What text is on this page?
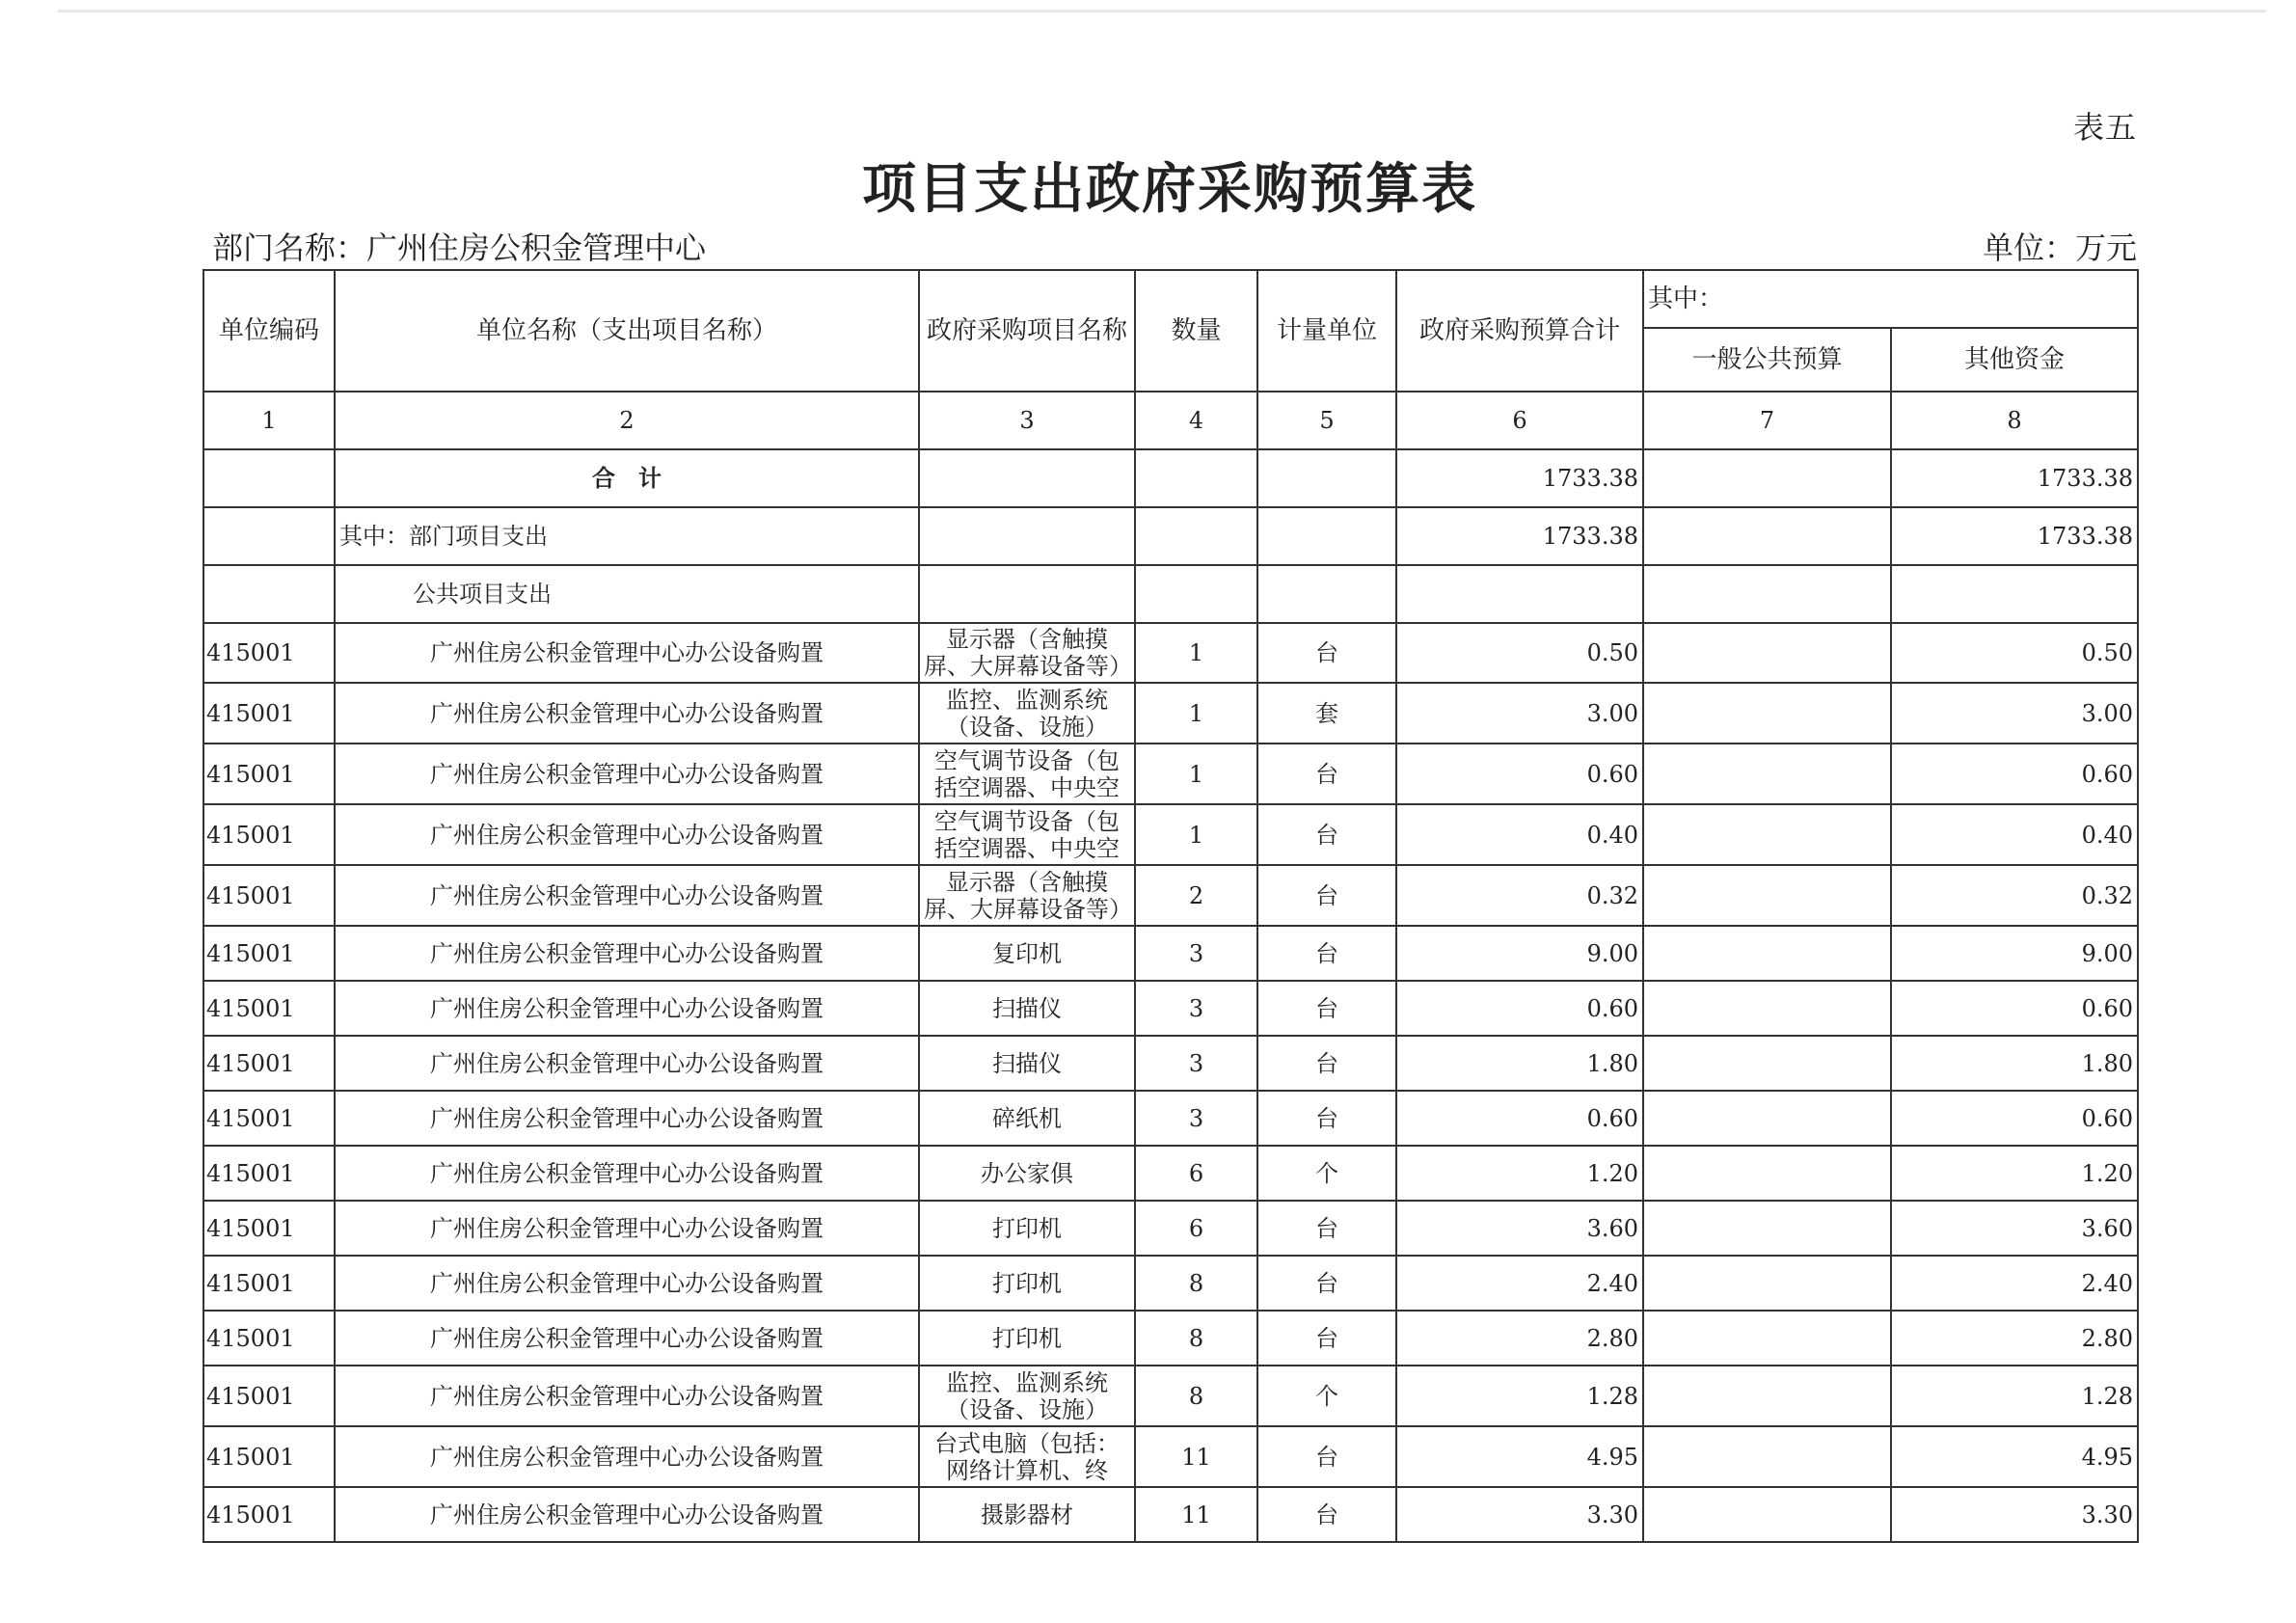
表五
项目支出政府采购预算表
部门名称：广州住房公积金管理中心	单位：万元
单位编码	单位名称（支出项目名称）	政府采购项目名称	数量	计量单位	政府采购预算合计	其中：	
						一般公共预算	其他资金
1	2	3	4	5	6	7	8
	合　计				1733.38		1733.38
	其中：部门项目支出				1733.38		1733.38
	公共项目支出						
415001	广州住房公积金管理中心办公设备购置	显示器（含触摸屏、大屏幕设备等）	1	台	0.50		0.50
415001	广州住房公积金管理中心办公设备购置	监控、监测系统（设备、设施）	1	套	3.00		3.00
415001	广州住房公积金管理中心办公设备购置	空气调节设备（包括空调器、中央空	1	台	0.60		0.60
415001	广州住房公积金管理中心办公设备购置	空气调节设备（包括空调器、中央空	1	台	0.40		0.40
415001	广州住房公积金管理中心办公设备购置	显示器（含触摸屏、大屏幕设备等）	2	台	0.32		0.32
415001	广州住房公积金管理中心办公设备购置	复印机	3	台	9.00		9.00
415001	广州住房公积金管理中心办公设备购置	扫描仪	3	台	0.60		0.60
415001	广州住房公积金管理中心办公设备购置	扫描仪	3	台	1.80		1.80
415001	广州住房公积金管理中心办公设备购置	碎纸机	3	台	0.60		0.60
415001	广州住房公积金管理中心办公设备购置	办公家俱	6	个	1.20		1.20
415001	广州住房公积金管理中心办公设备购置	打印机	6	台	3.60		3.60
415001	广州住房公积金管理中心办公设备购置	打印机	8	台	2.40		2.40
415001	广州住房公积金管理中心办公设备购置	打印机	8	台	2.80		2.80
415001	广州住房公积金管理中心办公设备购置	监控、监测系统（设备、设施）	8	个	1.28		1.28
415001	广州住房公积金管理中心办公设备购置	台式电脑（包括：网络计算机、终	11	台	4.95		4.95
415001	广州住房公积金管理中心办公设备购置	摄影器材	11	台	3.30		3.30
